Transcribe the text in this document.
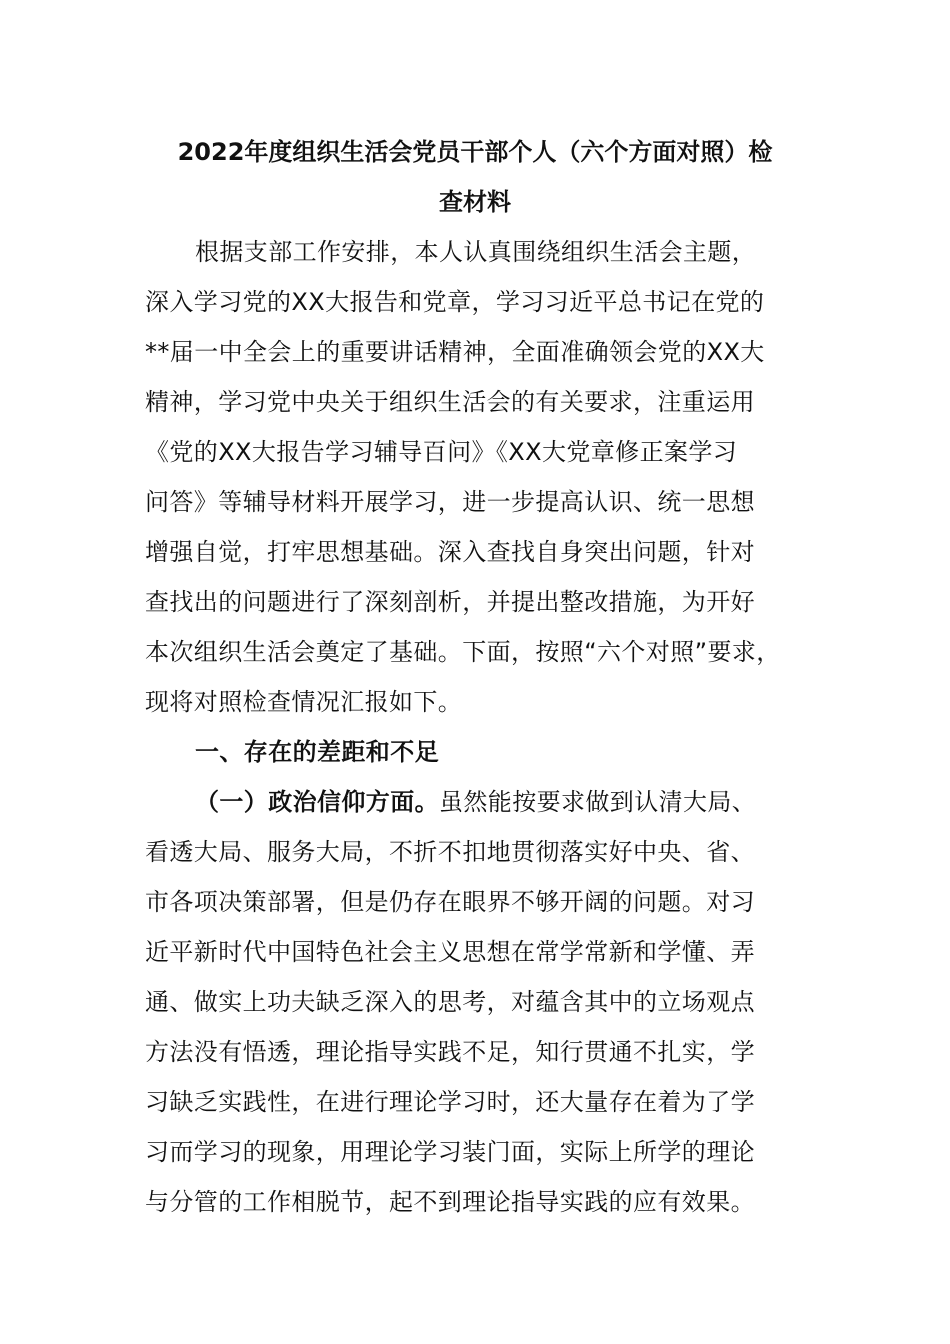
2022年度组织生活会党员干部个人（六个方面对照）检
查材料
根据支部工作安排，本人认真围绕组织生活会主题，
深入学习党的XX大报告和党章，学习习近平总书记在党的
**届一中全会上的重要讲话精神，全面准确领会党的XX大
精神，学习党中央关于组织生活会的有关要求，注重运用
《党的XX大报告学习辅导百问》《XX大党章修正案学习
问答》等辅导材料开展学习，进一步提高认识、统一思想
增强自觉，打牢思想基础。深入查找自身突出问题，针对
查找出的问题进行了深刻剖析，并提出整改措施，为开好
本次组织生活会奠定了基础。下面，按照“六个对照”要求，
现将对照检查情况汇报如下。
一、存在的差距和不足
（一）政治信仰方面。虽然能按要求做到认清大局、
看透大局、服务大局，不折不扣地贯彻落实好中央、省、
市各项决策部署，但是仍存在眼界不够开阔的问题。对习
近平新时代中国特色社会主义思想在常学常新和学懂、弄
通、做实上功夫缺乏深入的思考，对蕴含其中的立场观点
方法没有悟透，理论指导实践不足，知行贯通不扎实，学
习缺乏实践性，在进行理论学习时，还大量存在着为了学
习而学习的现象，用理论学习装门面，实际上所学的理论
与分管的工作相脱节，起不到理论指导实践的应有效果。
